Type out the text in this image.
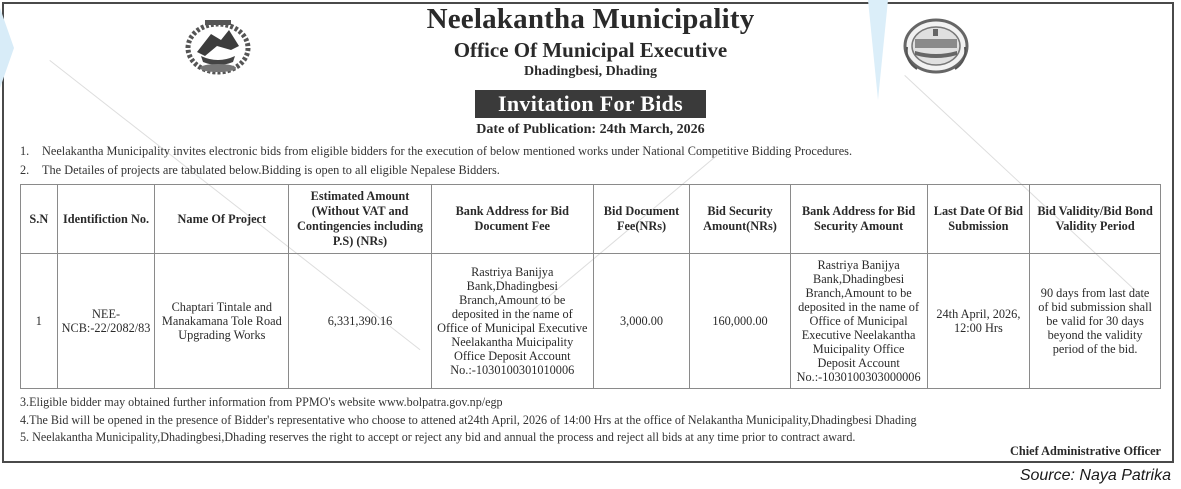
Neelakantha Municipality
Office Of Municipal Executive
Dhadingbesi, Dhading
Invitation For Bids
Date of Publication: 24th March, 2026
1. Neelakantha Municipality invites electronic bids from eligible bidders for the execution of below mentioned works under National Competitive Bidding Procedures.
2. The Detailes of projects are tabulated below.Bidding is open to all eligible Nepalese Bidders.
S.N	Identifiction No.	Name Of Project	Estimated Amount (Without VAT and Contingencies including P.S) (NRs)	Bank Address for Bid Document Fee	Bid Document Fee(NRs)	Bid Security Amount(NRs)	Bank Address for Bid Security Amount	Last Date Of Bid Submission	Bid Validity/Bid Bond Validity Period
1	NEE-NCB:-22/2082/83	Chaptari Tintale and Manakamana Tole Road Upgrading Works	6,331,390.16	Rastriya Banijya Bank,Dhadingbesi Branch,Amount to be deposited in the name of Office of Municipal Executive Neelakantha Muicipality Office Deposit Account No.:-1030100301010006	3,000.00	160,000.00	Rastriya Banijya Bank,Dhadingbesi Branch,Amount to be deposited in the name of Office of Municipal Executive Neelakantha Muicipality Office Deposit Account No.:-1030100303000006	24th April, 2026, 12:00 Hrs	90 days from last date of bid submission shall be valid for 30 days beyond the validity period of the bid.
3.Eligible bidder may obtained further information from PPMO's website www.bolpatra.gov.np/egp
4.The Bid will be opened in the presence of Bidder's representative who choose to attened at24th April, 2026 of 14:00 Hrs at the office of Nelakantha Municipality,Dhadingbesi Dhading
5. Neelakantha Municipality,Dhadingbesi,Dhading reserves the right to accept or reject any bid and annual the process and reject all bids at any time prior to contract award.
Chief Administrative Officer
Source: Naya Patrika
